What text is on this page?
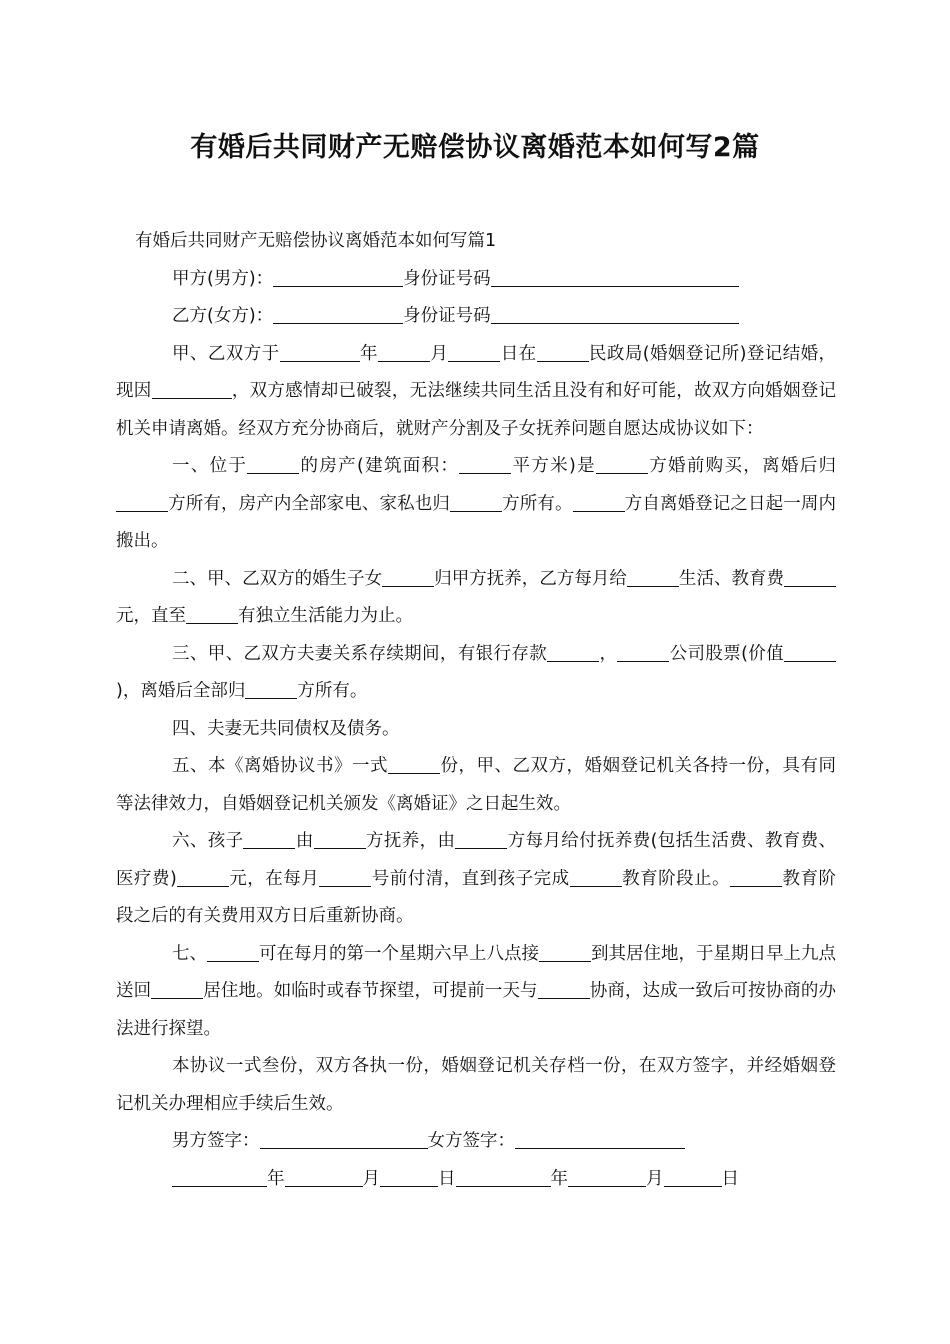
有婚后共同财产无赔偿协议离婚范本如何写2篇

有婚后共同财产无赔偿协议离婚范本如何写篇1

甲方(男方)：	身份证号码

乙方(女方)：	身份证号码

甲、乙双方于	年	月	日在	民政局(婚姻登记所)登记结婚，现因	，双方感情却已破裂，无法继续共同生活且没有和好可能，故双方向婚姻登记机关申请离婚。经双方充分协商后，就财产分割及子女抚养问题自愿达成协议如下：

一、位于	的房产(建筑面积：	平方米)是	方婚前购买，离婚后归方所有，房产内全部家电、家私也归	方所有。	方自离婚登记之日起一周内搬出。

二、甲、乙双方的婚生子女	归甲方抚养，乙方每月给	生活、教育费元，直至	有独立生活能力为止。

三、甲、乙双方夫妻关系存续期间，有银行存款	，	公司股票(价值)，离婚后全部归	方所有。

四、夫妻无共同债权及债务。

五、本《离婚协议书》一式	份，甲、乙双方，婚姻登记机关各持一份，具有同等法律效力，自婚姻登记机关颁发《离婚证》之日起生效。

六、孩子	由	方抚养，由	方每月给付抚养费(包括生活费、教育费、医疗费)	元，在每月	号前付清，直到孩子完成	教育阶段止。	教育阶段之后的有关费用双方日后重新协商。

七、	可在每月的第一个星期六早上八点接	到其居住地，于星期日早上九点送回	居住地。如临时或春节探望，可提前一天与	协商，达成一致后可按协商的办法进行探望。

本协议一式叁份，双方各执一份，婚姻登记机关存档一份，在双方签字，并经婚姻登记机关办理相应手续后生效。

男方签字：	女方签字：

年	月	日	年	月	日
